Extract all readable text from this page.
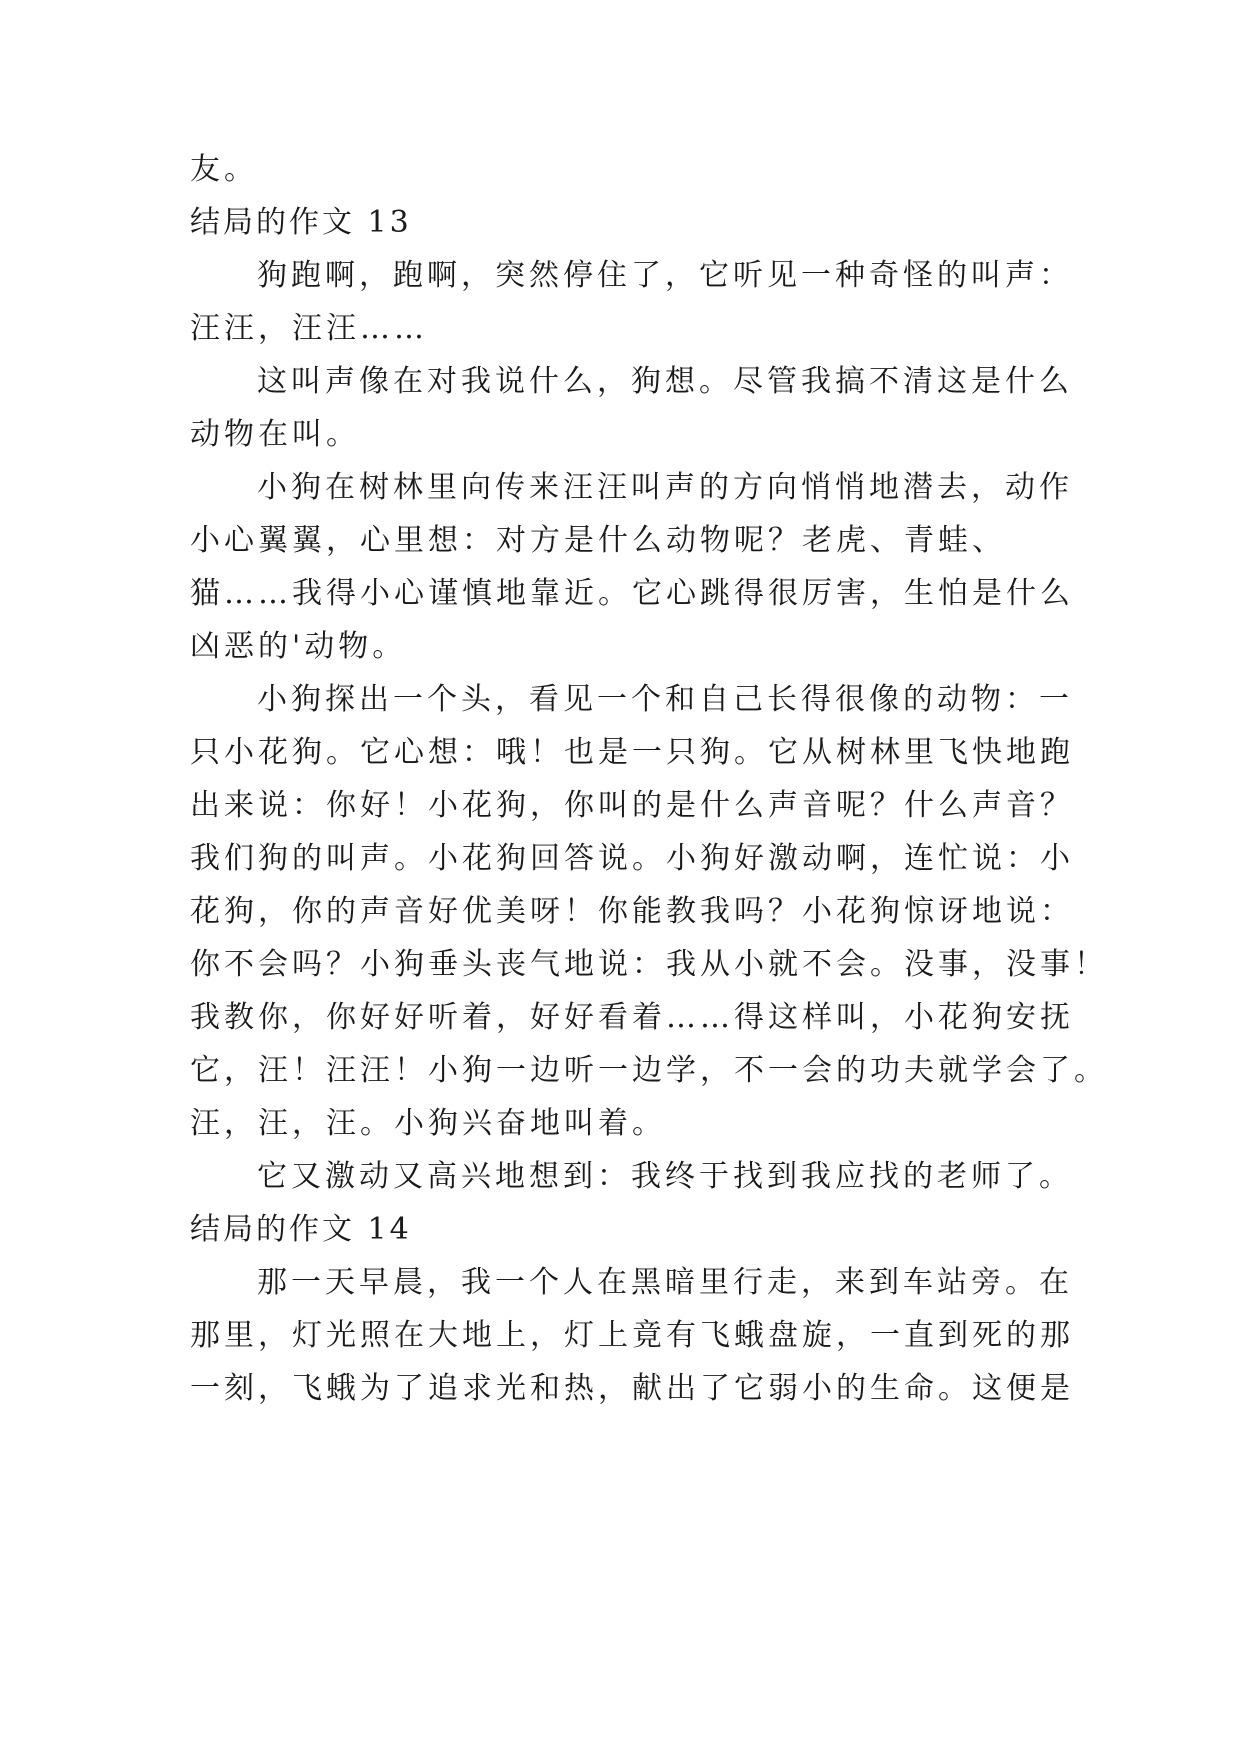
友。
结局的作文 13
狗跑啊，跑啊，突然停住了，它听见一种奇怪的叫声：
汪汪，汪汪……
这叫声像在对我说什么，狗想。尽管我搞不清这是什么
动物在叫。
小狗在树林里向传来汪汪叫声的方向悄悄地潜去，动作
小心翼翼，心里想：对方是什么动物呢？老虎、青蛙、
猫……我得小心谨慎地靠近。它心跳得很厉害，生怕是什么
凶恶的'动物。
小狗探出一个头，看见一个和自己长得很像的动物：一
只小花狗。它心想：哦！也是一只狗。它从树林里飞快地跑
出来说：你好！小花狗，你叫的是什么声音呢？什么声音？
我们狗的叫声。小花狗回答说。小狗好激动啊，连忙说：小
花狗，你的声音好优美呀！你能教我吗？小花狗惊讶地说：
你不会吗？小狗垂头丧气地说：我从小就不会。没事，没事！
我教你，你好好听着，好好看着……得这样叫，小花狗安抚
它，汪！汪汪！小狗一边听一边学，不一会的功夫就学会了。
汪，汪，汪。小狗兴奋地叫着。
它又激动又高兴地想到：我终于找到我应找的老师了。
结局的作文 14
那一天早晨，我一个人在黑暗里行走，来到车站旁。在
那里，灯光照在大地上，灯上竟有飞蛾盘旋，一直到死的那
一刻，飞蛾为了追求光和热，献出了它弱小的生命。这便是
